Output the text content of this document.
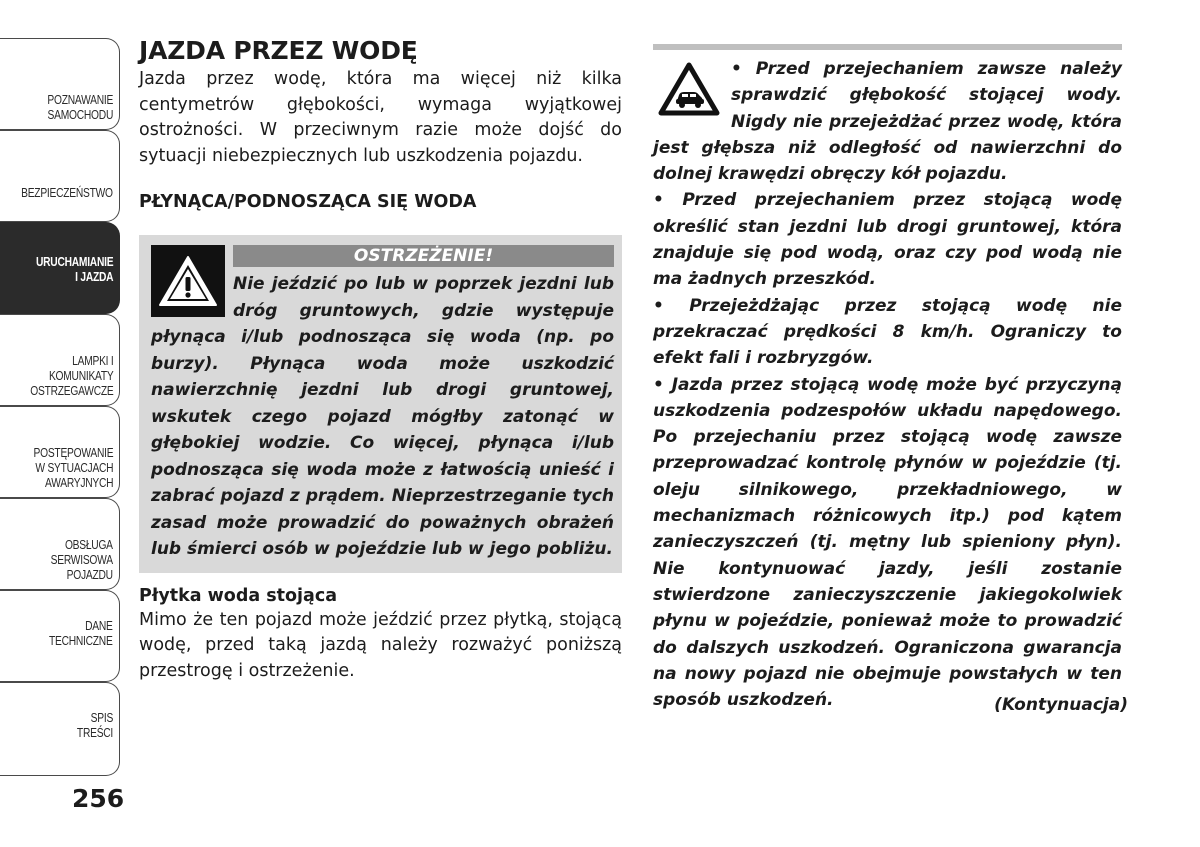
POZNAWANIE
SAMOCHODU
BEZPIECZEŃSTWO
URUCHAMIANIE
I JAZDA
LAMPKI I
KOMUNIKATY
OSTRZEGAWCZE
POSTĘPOWANIE
W SYTUACJACH
AWARYJNYCH
OBSŁUGA
SERWISOWA
POJAZDU
DANE
TECHNICZNE
SPIS
TREŚCI
256
JAZDA PRZEZ WODĘ

Jazda przez wodę, która ma więcej niż kilka centymetrów głębokości, wymaga wyjątkowej ostrożności. W przeciwnym razie może dojść do sytuacji niebezpiecznych lub uszkodzenia pojazdu.

PŁYNĄCA/PODNOSZĄCA SIĘ WODA
OSTRZEŻENIE!

Nie jeździć po lub w poprzek jezdni lub dróg gruntowych, gdzie występuje płynąca i/lub podnosząca się woda (np. po burzy). Płynąca woda może uszkodzić nawierzchnię jezdni lub drogi gruntowej, wskutek czego pojazd mógłby zatonąć w głębokiej wodzie. Co więcej, płynąca i/lub podnosząca się woda może z łatwością unieść i zabrać pojazd z prądem. Nieprzestrzeganie tych zasad może prowadzić do poważnych obrażeń lub śmierci osób w pojeździe lub w jego pobliżu.

Płytka woda stojąca

Mimo że ten pojazd może jeździć przez płytką, stojącą wodę, przed taką jazdą należy rozważyć poniższą przestrogę i ostrzeżenie.

• Przed przejechaniem zawsze należy sprawdzić głębokość stojącej wody. Nigdy nie przejeżdżać przez wodę, która jest głębsza niż odległość od nawierzchni do dolnej krawędzi obręczy kół pojazdu.

• Przed przejechaniem przez stojącą wodę określić stan jezdni lub drogi gruntowej, która znajduje się pod wodą, oraz czy pod wodą nie ma żadnych przeszkód.

• Przejeżdżając przez stojącą wodę nie przekraczać prędkości 8 km/h. Ograniczy to efekt fali i rozbryzgów.

• Jazda przez stojącą wodę może być przyczyną uszkodzenia podzespołów układu napędowego. Po przejechaniu przez stojącą wodę zawsze przeprowadzać kontrolę płynów w pojeździe (tj. oleju silnikowego, przekładniowego, w mechanizmach różnicowych itp.) pod kątem zanieczyszczeń (tj. mętny lub spieniony płyn). Nie kontynuować jazdy, jeśli zostanie stwierdzone zanieczyszczenie jakiegokolwiek płynu w pojeździe, ponieważ może to prowadzić do dalszych uszkodzeń. Ograniczona gwarancja na nowy pojazd nie obejmuje powstałych w ten sposób uszkodzeń.	(Kontynuacja)
